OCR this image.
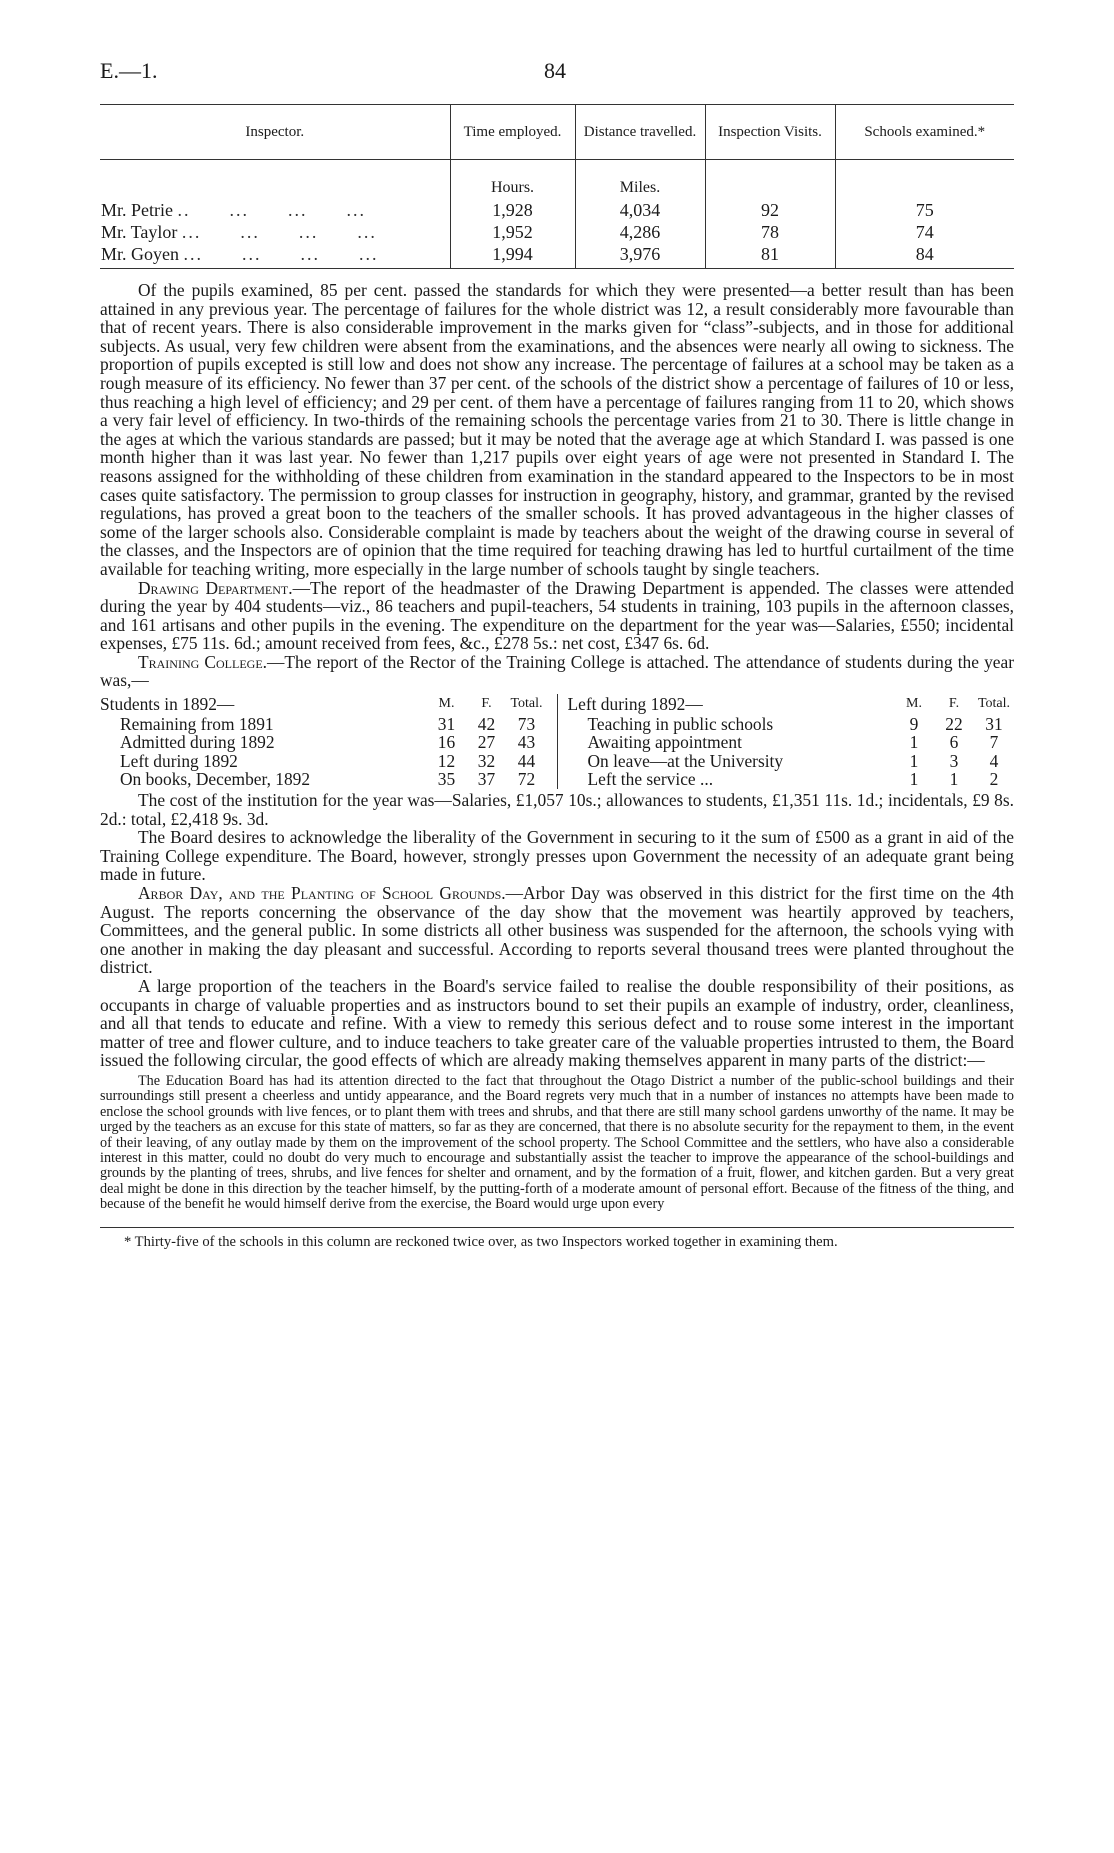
E.—1.	84
Inspector.	Time employed.	Distance travelled.	Inspection Visits.	Schools examined.*
	Hours.	Miles.		
Mr. Petrie ..      ...      ...      ...	1,928	4,034	92	75
Mr. Taylor ...      ...      ...      ...	1,952	4,286	78	74
Mr. Goyen ...      ...      ...      ...	1,994	3,976	81	84

Of the pupils examined, 85 per cent. passed the standards for which they were presented—a better result than has been attained in any previous year. The percentage of failures for the whole district was 12, a result considerably more favourable than that of recent years. There is also considerable improvement in the marks given for “class”-subjects, and in those for additional subjects. As usual, very few children were absent from the examinations, and the absences were nearly all owing to sickness. The proportion of pupils excepted is still low and does not show any increase. The percentage of failures at a school may be taken as a rough measure of its efficiency. No fewer than 37 per cent. of the schools of the district show a percentage of failures of 10 or less, thus reaching a high level of efficiency; and 29 per cent. of them have a percentage of failures ranging from 11 to 20, which shows a very fair level of efficiency. In two-thirds of the remaining schools the percentage varies from 21 to 30. There is little change in the ages at which the various standards are passed; but it may be noted that the average age at which Standard I. was passed is one month higher than it was last year. No fewer than 1,217 pupils over eight years of age were not presented in Standard I. The reasons assigned for the withholding of these children from examination in the standard appeared to the Inspectors to be in most cases quite satisfactory. The permission to group classes for instruction in geography, history, and grammar, granted by the revised regulations, has proved a great boon to the teachers of the smaller schools. It has proved advantageous in the higher classes of some of the larger schools also. Considerable complaint is made by teachers about the weight of the drawing course in several of the classes, and the Inspectors are of opinion that the time required for teaching drawing has led to hurtful curtailment of the time available for teaching writing, more especially in the large number of schools taught by single teachers.

Drawing Department.—The report of the headmaster of the Drawing Department is appended. The classes were attended during the year by 404 students—viz., 86 teachers and pupil-teachers, 54 students in training, 103 pupils in the afternoon classes, and 161 artisans and other pupils in the evening. The expenditure on the department for the year was—Salaries, £550; incidental expenses, £75 11s. 6d.; amount received from fees, &c., £278 5s.: net cost, £347 6s. 6d.

Training College.—The report of the Rector of the Training College is attached. The attendance of students during the year was,—

Students in 1892—	M.	F.	Total.
Remaining from 1891	31	42	73
Admitted during 1892	16	27	43
Left during 1892	12	32	44
On books, December, 1892	35	37	72
Left during 1892—	M.	F.	Total.
Teaching in public schools	9	22	31
Awaiting appointment	1	6	7
On leave—at the University	1	3	4
Left the service ...	1	1	2

The cost of the institution for the year was—Salaries, £1,057 10s.; allowances to students, £1,351 11s. 1d.; incidentals, £9 8s. 2d.: total, £2,418 9s. 3d.

The Board desires to acknowledge the liberality of the Government in securing to it the sum of £500 as a grant in aid of the Training College expenditure. The Board, however, strongly presses upon Government the necessity of an adequate grant being made in future.

Arbor Day, and the Planting of School Grounds.—Arbor Day was observed in this district for the first time on the 4th August. The reports concerning the observance of the day show that the movement was heartily approved by teachers, Committees, and the general public. In some districts all other business was suspended for the afternoon, the schools vying with one another in making the day pleasant and successful. According to reports several thousand trees were planted throughout the district.

A large proportion of the teachers in the Board's service failed to realise the double responsibility of their positions, as occupants in charge of valuable properties and as instructors bound to set their pupils an example of industry, order, cleanliness, and all that tends to educate and refine. With a view to remedy this serious defect and to rouse some interest in the important matter of tree and flower culture, and to induce teachers to take greater care of the valuable properties intrusted to them, the Board issued the following circular, the good effects of which are already making themselves apparent in many parts of the district:—

The Education Board has had its attention directed to the fact that throughout the Otago District a number of the public-school buildings and their surroundings still present a cheerless and untidy appearance, and the Board regrets very much that in a number of instances no attempts have been made to enclose the school grounds with live fences, or to plant them with trees and shrubs, and that there are still many school gardens unworthy of the name. It may be urged by the teachers as an excuse for this state of matters, so far as they are concerned, that there is no absolute security for the repayment to them, in the event of their leaving, of any outlay made by them on the improvement of the school property. The School Committee and the settlers, who have also a considerable interest in this matter, could no doubt do very much to encourage and substantially assist the teacher to improve the appearance of the school-buildings and grounds by the planting of trees, shrubs, and live fences for shelter and ornament, and by the formation of a fruit, flower, and kitchen garden. But a very great deal might be done in this direction by the teacher himself, by the putting-forth of a moderate amount of personal effort. Because of the fitness of the thing, and because of the benefit he would himself derive from the exercise, the Board would urge upon every

* Thirty-five of the schools in this column are reckoned twice over, as two Inspectors worked together in examining them.
